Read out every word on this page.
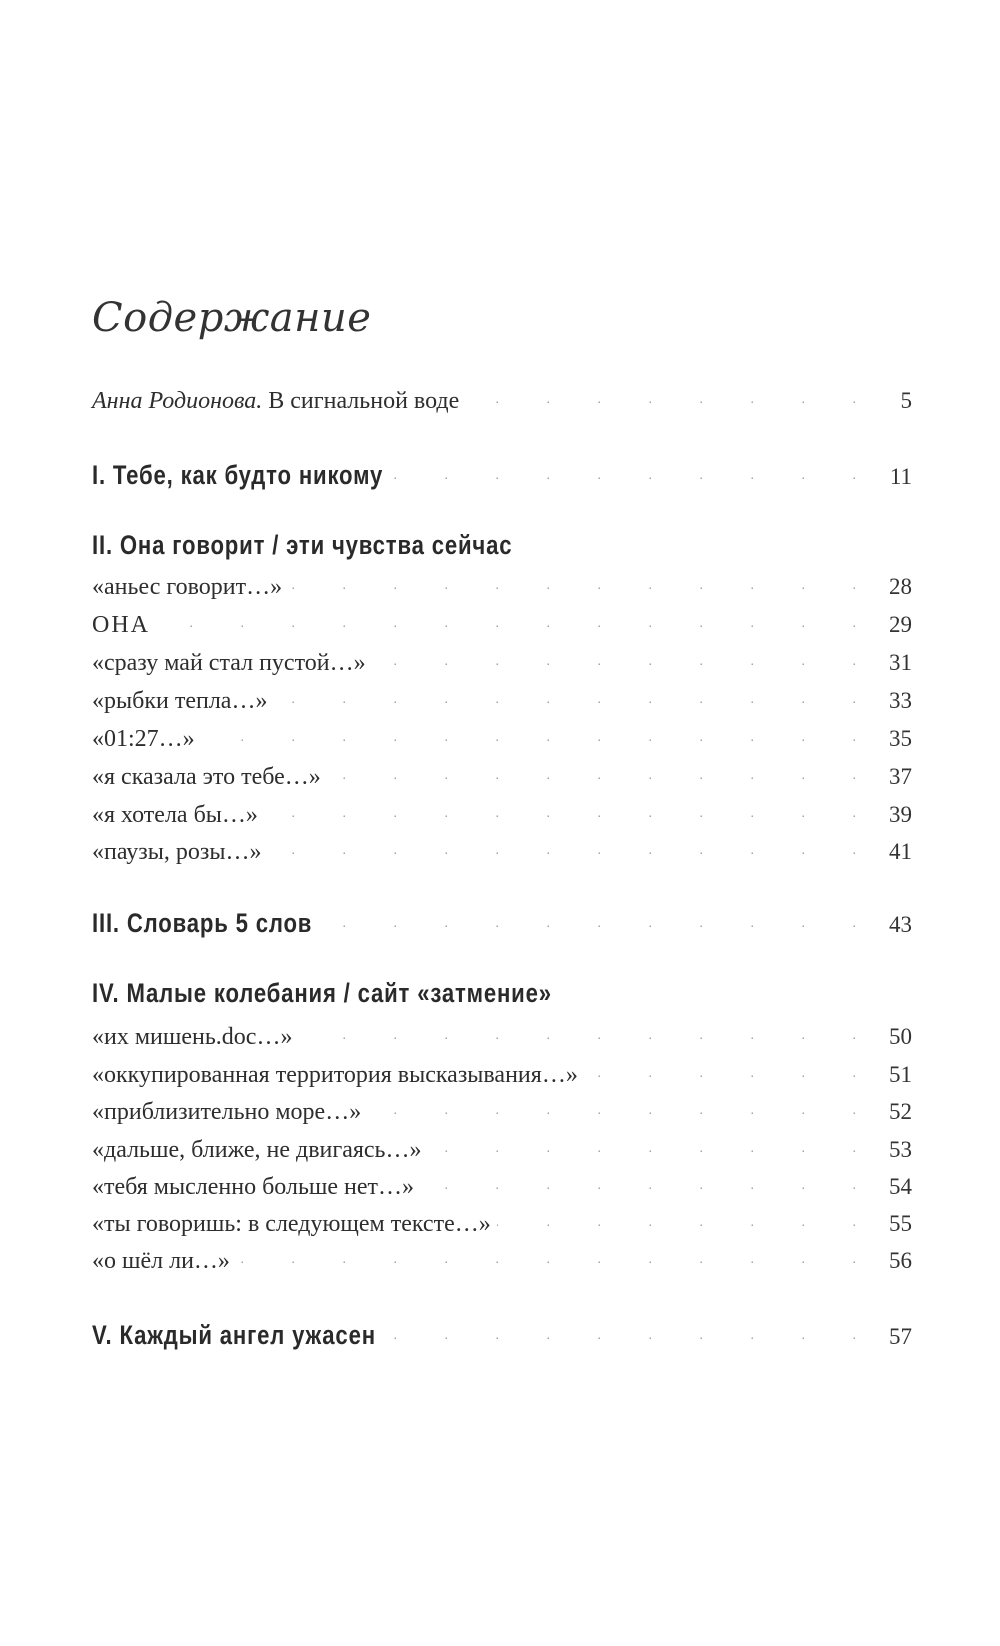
Содержание
Анна Родионова. В сигнальной воде . . .	5
I. Тебе, как будто никому . . .	11
II. Она говорит / эти чувства сейчас
«аньес говорит…» . . .	28
ОНА . . .	29
«сразу май стал пустой…» . . .	31
«рыбки тепла…» . . .	33
«01:27…» . . .	35
«я сказала это тебе…» . . .	37
«я хотела бы…» . . .	39
«паузы, розы…» . . .	41
III. Словарь 5 слов . . .	43
IV. Малые колебания / сайт «затмение»
«их мишень.doc…» . . .	50
«оккупированная территория высказывания…» . . .	51
«приблизительно море…» . . .	52
«дальше, ближе, не двигаясь…» . . .	53
«тебя мысленно больше нет…» . . .	54
«ты говоришь: в следующем тексте…» . . .	55
«о шёл ли…» . . .	56
V. Каждый ангел ужасен . . .	57
